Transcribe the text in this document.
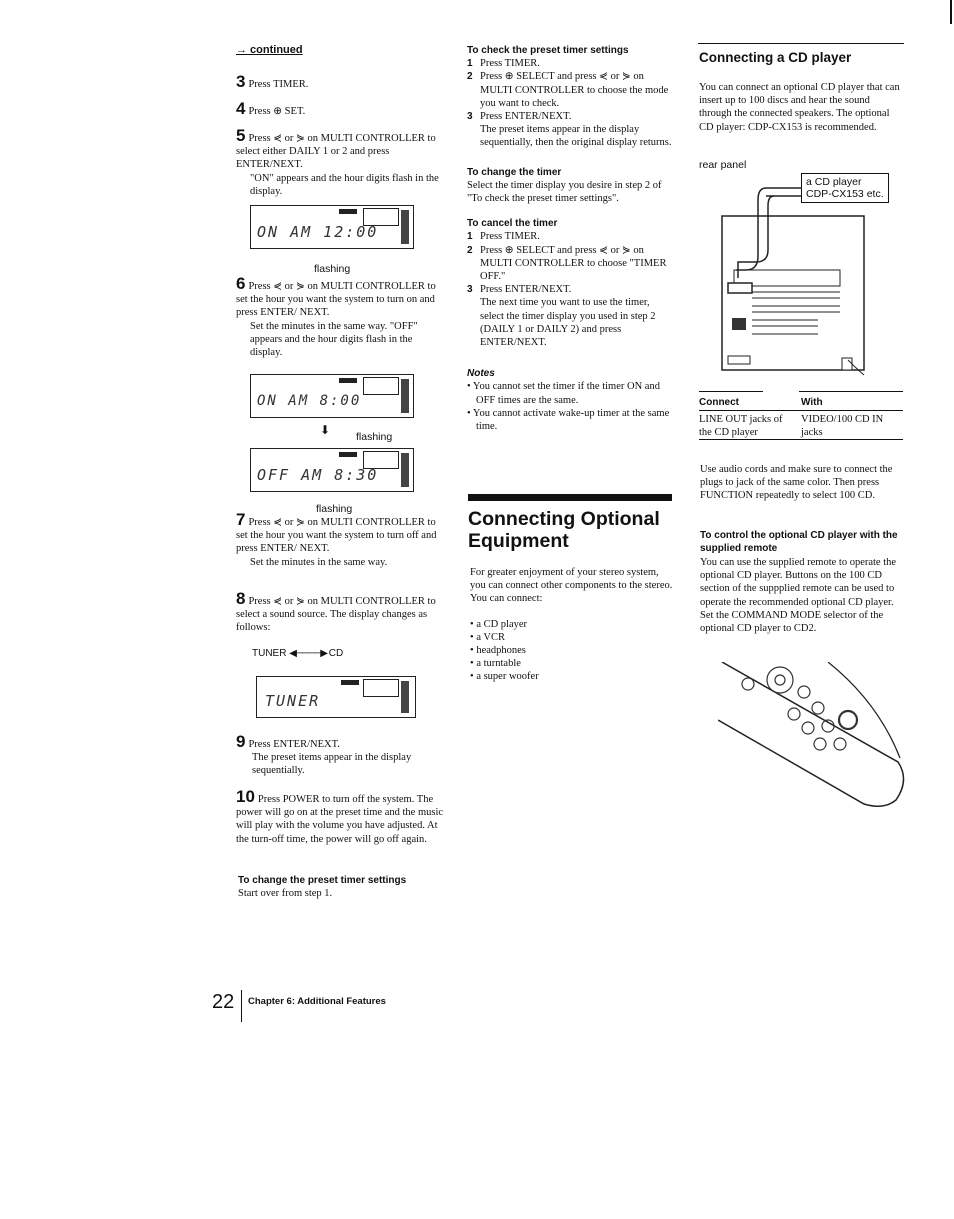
→ continued
3 Press TIMER.
4 Press ⊕ SET.
5 Press ⋞ or ⋟ on MULTI CONTROLLER to select either DAILY 1 or 2 and press ENTER/NEXT.
"ON" appears and the hour digits flash in the display.
ON AM 12:00
flashing
6 Press ⋞ or ⋟ on MULTI CONTROLLER to set the hour you want the system to turn on and press ENTER/ NEXT.
Set the minutes in the same way. "OFF" appears and the hour digits flash in the display.
ON AM 8:00
⬇ flashing
OFF AM 8:30
flashing
7 Press ⋞ or ⋟ on MULTI CONTROLLER to set the hour you want the system to turn off and press ENTER/ NEXT.
Set the minutes in the same way.
8 Press ⋞ or ⋟ on MULTI CONTROLLER to select a sound source. The display changes as follows:
TUNER ◀────▶ CD
TUNER
9 Press ENTER/NEXT.
The preset items appear in the display sequentially.
10 Press POWER to turn off the system. The power will go on at the preset time and the music will play with the volume you have adjusted. At the turn-off time, the power will go off again.
To change the preset timer settings
Start over from step 1.
To check the preset timer settings
1 Press TIMER.
2 Press ⊕ SELECT and press ⋞ or ⋟ on MULTI CONTROLLER to choose the mode you want to check.
3 Press ENTER/NEXT.
The preset items appear in the display sequentially, then the original display returns.
To change the timer
Select the timer display you desire in step 2 of "To check the preset timer settings".
To cancel the timer
1 Press TIMER.
2 Press ⊕ SELECT and press ⋞ or ⋟ on MULTI CONTROLLER to choose "TIMER OFF."
3 Press ENTER/NEXT.
The next time you want to use the timer, select the timer display you used in step 2 (DAILY 1 or DAILY 2) and press ENTER/NEXT.
Notes
• You cannot set the timer if the timer ON and OFF times are the same.
• You cannot activate wake-up timer at the same time.
Connecting Optional Equipment
For greater enjoyment of your stereo system, you can connect other components to the stereo. You can connect:
• a CD player
• a VCR
• headphones
• a turntable
• a super woofer
Connecting a CD player
You can connect an optional CD player that can insert up to 100 discs and hear the sound through the connected speakers. The optional CD player: CDP-CX153 is recommended.
rear panel
a CD player
CDP-CX153 etc.
Connect	With
LINE OUT jacks of the CD player	VIDEO/100 CD IN jacks
Use audio cords and make sure to connect the plugs to jack of the same color. Then press FUNCTION repeatedly to select 100 CD.
To control the optional CD player with the supplied remote
You can use the supplied remote to operate the optional CD player. Buttons on the 100 CD section of the suppplied remote can be used to operate the recommended optional CD player.
Set the COMMAND MODE selector of the optional CD player to CD2.
22 Chapter 6: Additional Features
